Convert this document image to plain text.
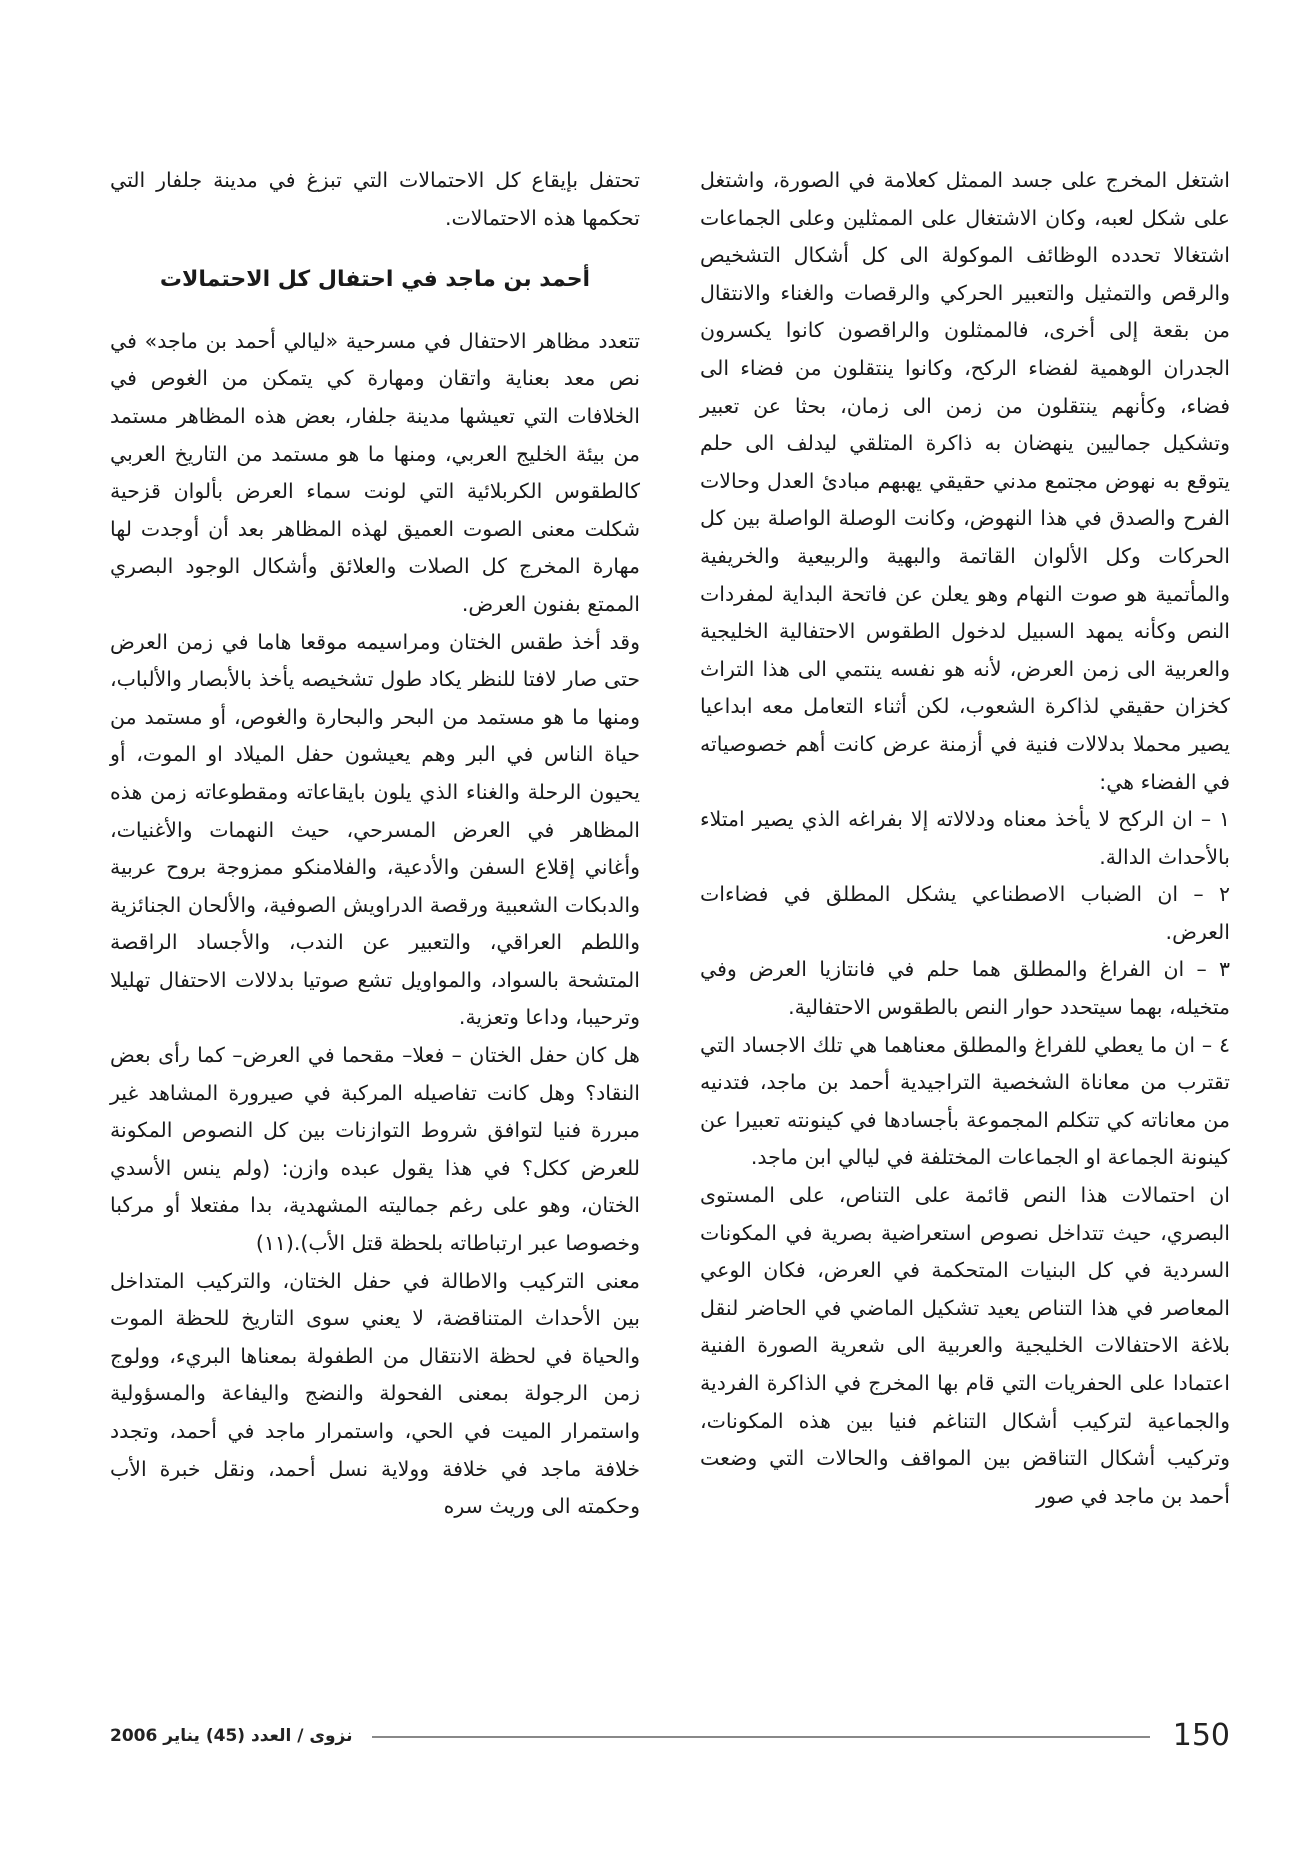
اشتغل المخرج على جسد الممثل كعلامة في الصورة، واشتغل على شكل لعبه، وكان الاشتغال على الممثلين وعلى الجماعات اشتغالا تحدده الوظائف الموكولة الى كل أشكال التشخيص والرقص والتمثيل والتعبير الحركي والرقصات والغناء والانتقال من بقعة إلى أخرى، فالممثلون والراقصون كانوا يكسرون الجدران الوهمية لفضاء الركح، وكانوا ينتقلون من فضاء الى فضاء، وكأنهم ينتقلون من زمن الى زمان، بحثا عن تعبير وتشكيل جماليين ينهضان به ذاكرة المتلقي ليدلف الى حلم يتوقع به نهوض مجتمع مدني حقيقي يهبهم مبادئ العدل وحالات الفرح والصدق في هذا النهوض، وكانت الوصلة الواصلة بين كل الحركات وكل الألوان القاتمة والبهية والربيعية والخريفية والمأتمية هو صوت النهام وهو يعلن عن فاتحة البداية لمفردات النص وكأنه يمهد السبيل لدخول الطقوس الاحتفالية الخليجية والعربية الى زمن العرض، لأنه هو نفسه ينتمي الى هذا التراث كخزان حقيقي لذاكرة الشعوب، لكن أثناء التعامل معه ابداعيا يصير محملا بدلالات فنية في أزمنة عرض كانت أهم خصوصياته في الفضاء هي:

١ – ان الركح لا يأخذ معناه ودلالاته إلا بفراغه الذي يصير امتلاء بالأحداث الدالة.

٢ – ان الضباب الاصطناعي يشكل المطلق في فضاءات العرض.

٣ – ان الفراغ والمطلق هما حلم في فانتازيا العرض وفي متخيله، بهما سيتحدد حوار النص بالطقوس الاحتفالية.

٤ – ان ما يعطي للفراغ والمطلق معناهما هي تلك الاجساد التي تقترب من معاناة الشخصية التراجيدية أحمد بن ماجد، فتدنيه من معاناته كي تتكلم المجموعة بأجسادها في كينونته تعبيرا عن كينونة الجماعة او الجماعات المختلفة في ليالي ابن ماجد.

ان احتمالات هذا النص قائمة على التناص، على المستوى البصري، حيث تتداخل نصوص استعراضية بصرية في المكونات السردية في كل البنيات المتحكمة في العرض، فكان الوعي المعاصر في هذا التناص يعيد تشكيل الماضي في الحاضر لنقل بلاغة الاحتفالات الخليجية والعربية الى شعرية الصورة الفنية اعتمادا على الحفريات التي قام بها المخرج في الذاكرة الفردية والجماعية لتركيب أشكال التناغم فنيا بين هذه المكونات، وتركيب أشكال التناقض بين المواقف والحالات التي وضعت أحمد بن ماجد في صور

تحتفل بإيقاع كل الاحتمالات التي تبزغ في مدينة جلفار التي تحكمها هذه الاحتمالات.

أحمد بن ماجد في احتفال كل الاحتمالات

تتعدد مظاهر الاحتفال في مسرحية «ليالي أحمد بن ماجد» في نص معد بعناية واتقان ومهارة كي يتمكن من الغوص في الخلافات التي تعيشها مدينة جلفار، بعض هذه المظاهر مستمد من بيئة الخليج العربي، ومنها ما هو مستمد من التاريخ العربي كالطقوس الكربلائية التي لونت سماء العرض بألوان قزحية شكلت معنى الصوت العميق لهذه المظاهر بعد أن أوجدت لها مهارة المخرج كل الصلات والعلائق وأشكال الوجود البصري الممتع بفنون العرض.

وقد أخذ طقس الختان ومراسيمه موقعا هاما في زمن العرض حتى صار لافتا للنظر يكاد طول تشخيصه يأخذ بالأبصار والألباب، ومنها ما هو مستمد من البحر والبحارة والغوص، أو مستمد من حياة الناس في البر وهم يعيشون حفل الميلاد او الموت، أو يحيون الرحلة والغناء الذي يلون بايقاعاته ومقطوعاته زمن هذه المظاهر في العرض المسرحي، حيث النهمات والأغنيات، وأغاني إقلاع السفن والأدعية، والفلامنكو ممزوجة بروح عربية والدبكات الشعبية ورقصة الدراويش الصوفية، والألحان الجنائزية واللطم العراقي، والتعبير عن الندب، والأجساد الراقصة المتشحة بالسواد، والمواويل تشع صوتيا بدلالات الاحتفال تهليلا وترحيبا، وداعا وتعزية.

هل كان حفل الختان – فعلا– مقحما في العرض– كما رأى بعض النقاد؟ وهل كانت تفاصيله المركبة في صيرورة المشاهد غير مبررة فنيا لتوافق شروط التوازنات بين كل النصوص المكونة للعرض ككل؟ في هذا يقول عبده وازن: (ولم ينس الأسدي الختان، وهو على رغم جماليته المشهدية، بدا مفتعلا أو مركبا وخصوصا عبر ارتباطاته بلحظة قتل الأب).(١١)

معنى التركيب والاطالة في حفل الختان، والتركيب المتداخل بين الأحداث المتناقضة، لا يعني سوى التاريخ للحظة الموت والحياة في لحظة الانتقال من الطفولة بمعناها البريء، وولوج زمن الرجولة بمعنى الفحولة والنضج واليفاعة والمسؤولية واستمرار الميت في الحي، واستمرار ماجد في أحمد، وتجدد خلافة ماجد في خلافة وولاية نسل أحمد، ونقل خبرة الأب وحكمته الى وريث سره

نزوى / العدد (45) يناير 2006	150
